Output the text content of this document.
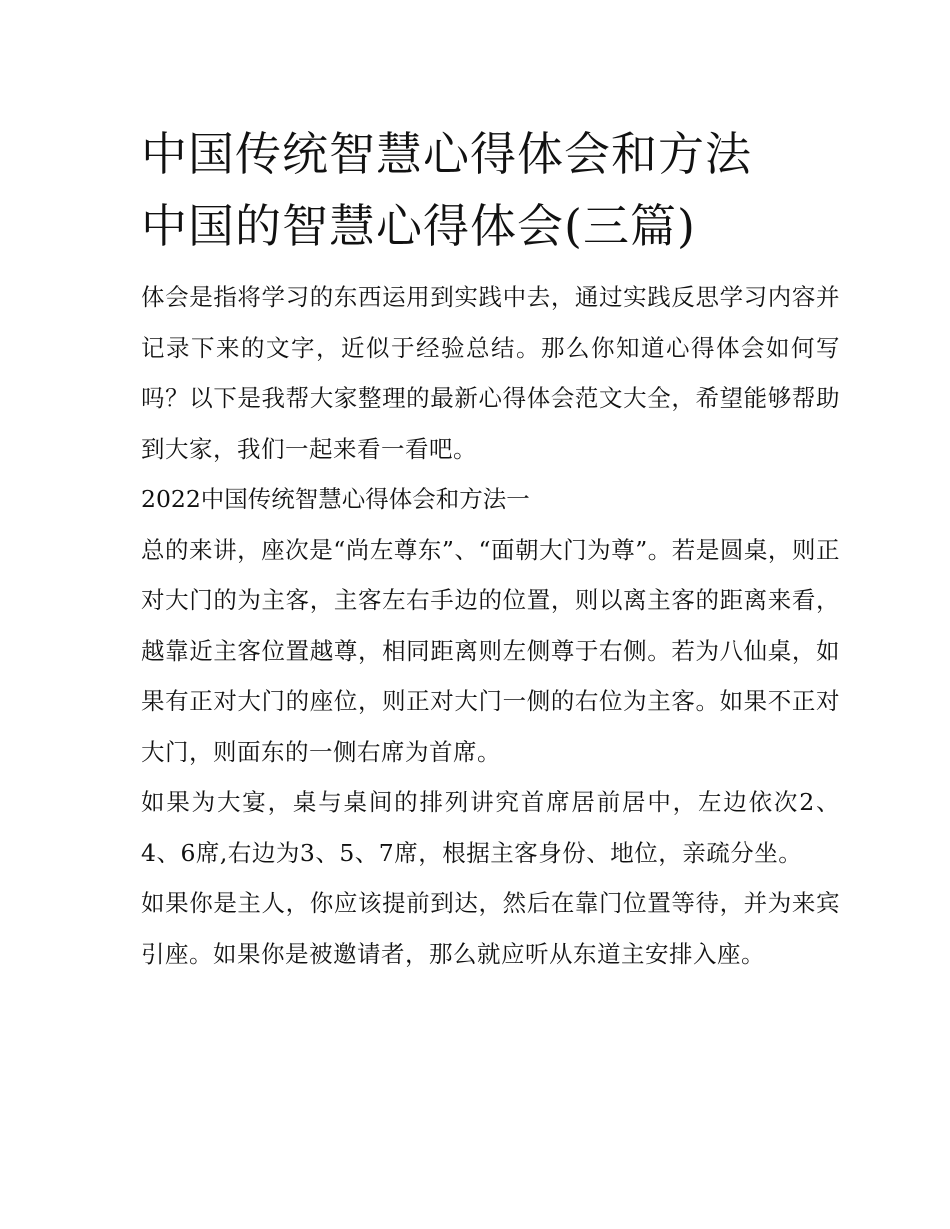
中国传统智慧心得体会和方法
中国的智慧心得体会(三篇)

体会是指将学习的东西运用到实践中去，通过实践反思学习内容并记录下来的文字，近似于经验总结。那么你知道心得体会如何写吗？以下是我帮大家整理的最新心得体会范文大全，希望能够帮助到大家，我们一起来看一看吧。

2022中国传统智慧心得体会和方法一

总的来讲，座次是“尚左尊东”、“面朝大门为尊”。若是圆桌，则正对大门的为主客，主客左右手边的位置，则以离主客的距离来看，越靠近主客位置越尊，相同距离则左侧尊于右侧。若为八仙桌，如果有正对大门的座位，则正对大门一侧的右位为主客。如果不正对大门，则面东的一侧右席为首席。

如果为大宴，桌与桌间的排列讲究首席居前居中，左边依次2、4、6席,右边为3、5、7席，根据主客身份、地位，亲疏分坐。

如果你是主人，你应该提前到达，然后在靠门位置等待，并为来宾引座。如果你是被邀请者，那么就应听从东道主安排入座。
